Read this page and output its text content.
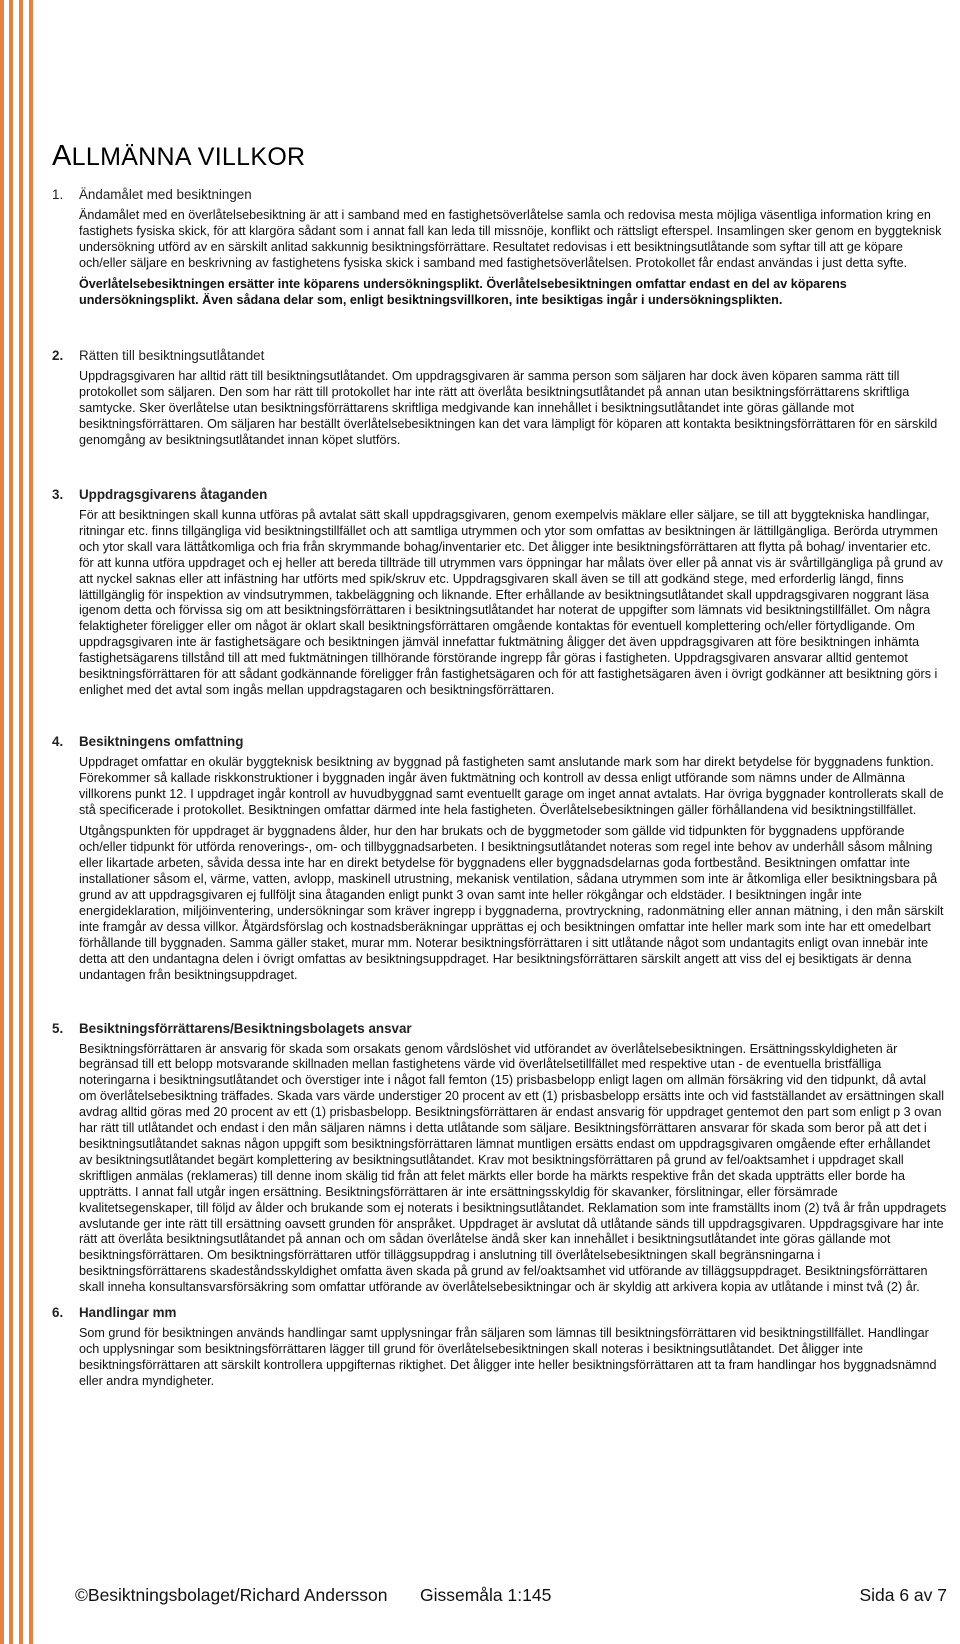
ALLMÄNNA VILLKOR
1.	Ändamålet med besiktningen

Ändamålet med en överlåtelsebesiktning är att i samband med en fastighetsöverlåtelse samla och redovisa mesta möjliga väsentliga information kring en fastighets fysiska skick, för att klargöra sådant som i annat fall kan leda till missnöje, konflikt och rättsligt efterspel. Insamlingen sker genom en byggteknisk undersökning utförd av en särskilt anlitad sakkunnig besiktningsförrättare. Resultatet redovisas i ett besiktningsutlåtande som syftar till att ge köpare och/eller säljare en beskrivning av fastighetens fysiska skick i samband med fastighetsöverlåtelsen. Protokollet får endast användas i just detta syfte.

Överlåtelsebesiktningen ersätter inte köparens undersökningsplikt. Överlåtelsebesiktningen omfattar endast en del av köparens undersökningsplikt. Även sådana delar som, enligt besiktningsvillkoren, inte besiktigas ingår i undersökningsplikten.

2.	Rätten till besiktningsutlåtandet

Uppdragsgivaren har alltid rätt till besiktningsutlåtandet. Om uppdragsgivaren är samma person som säljaren har dock även köparen samma rätt till protokollet som säljaren. Den som har rätt till protokollet har inte rätt att överlåta besiktningsutlåtandet på annan utan besiktningsförrättarens skriftliga samtycke. Sker överlåtelse utan besiktningsförrättarens skriftliga medgivande kan innehållet i besiktningsutlåtandet inte göras gällande mot besiktningsförrättaren. Om säljaren har beställt överlåtelsebesiktningen kan det vara lämpligt för köparen att kontakta besiktningsförrättaren för en särskild genomgång av besiktningsutlåtandet innan köpet slutförs.

3.	Uppdragsgivarens åtaganden

För att besiktningen skall kunna utföras på avtalat sätt skall uppdragsgivaren, genom exempelvis mäklare eller säljare, se till att byggtekniska handlingar, ritningar etc. finns tillgängliga vid besiktningstillfället och att samtliga utrymmen och ytor som omfattas av besiktningen är lättillgängliga. Berörda utrymmen och ytor skall vara lättåtkomliga och fria från skrymmande bohag/inventarier etc. Det åligger inte besiktningsförrättaren att flytta på bohag/ inventarier etc. för att kunna utföra uppdraget och ej heller att bereda tillträde till utrymmen vars öppningar har målats över eller på annat vis är svårtillgängliga på grund av att nyckel saknas eller att infästning har utförts med spik/skruv etc. Uppdragsgivaren skall även se till att godkänd stege, med erforderlig längd, finns lättillgänglig för inspektion av vindsutrymmen, takbeläggning och liknande. Efter erhållande av besiktningsutlåtandet skall uppdragsgivaren noggrant läsa igenom detta och förvissa sig om att besiktningsförrättaren i besiktningsutlåtandet har noterat de uppgifter som lämnats vid besiktningstillfället. Om några felaktigheter föreligger eller om något är oklart skall besiktningsförrättaren omgående kontaktas för eventuell komplettering och/eller förtydligande. Om uppdragsgivaren inte är fastighetsägare och besiktningen jämväl innefattar fuktmätning åligger det även uppdragsgivaren att före besiktningen inhämta fastighetsägarens tillstånd till att med fuktmätningen tillhörande förstörande ingrepp får göras i fastigheten. Uppdragsgivaren ansvarar alltid gentemot besiktningsförrättaren för att sådant godkännande föreligger från fastighetsägaren och för att fastighetsägaren även i övrigt godkänner att besiktning görs i enlighet med det avtal som ingås mellan uppdragstagaren och besiktningsförrättaren.

4.	Besiktningens omfattning

Uppdraget omfattar en okulär byggteknisk besiktning av byggnad på fastigheten samt anslutande mark som har direkt betydelse för byggnadens funktion. Förekommer så kallade riskkonstruktioner i byggnaden ingår även fuktmätning och kontroll av dessa enligt utförande som nämns under de Allmänna villkorens punkt 12. I uppdraget ingår kontroll av huvudbyggnad samt eventuellt garage om inget annat avtalats. Har övriga byggnader kontrollerats skall de stå specificerade i protokollet. Besiktningen omfattar därmed inte hela fastigheten. Överlåtelsebesiktningen gäller förhållandena vid besiktningstillfället.

Utgångspunkten för uppdraget är byggnadens ålder, hur den har brukats och de byggmetoder som gällde vid tidpunkten för byggnadens uppförande och/eller tidpunkt för utförda renoverings-, om- och tillbyggnadsarbeten. I besiktningsutlåtandet noteras som regel inte behov av underhåll såsom målning eller likartade arbeten, såvida dessa inte har en direkt betydelse för byggnadens eller byggnadsdelarnas goda fortbestånd. Besiktningen omfattar inte installationer såsom el, värme, vatten, avlopp, maskinell utrustning, mekanisk ventilation, sådana utrymmen som inte är åtkomliga eller besiktningsbara på grund av att uppdragsgivaren ej fullföljt sina åtaganden enligt punkt 3 ovan samt inte heller rökgångar och eldstäder. I besiktningen ingår inte energideklaration, miljöinventering, undersökningar som kräver ingrepp i byggnaderna, provtryckning, radonmätning eller annan mätning, i den mån särskilt inte framgår av dessa villkor. Åtgärdsförslag och kostnadsberäkningar upprättas ej och besiktningen omfattar inte heller mark som inte har ett omedelbart förhållande till byggnaden. Samma gäller staket, murar mm. Noterar besiktningsförrättaren i sitt utlåtande något som undantagits enligt ovan innebär inte detta att den undantagna delen i övrigt omfattas av besiktningsuppdraget. Har besiktningsförrättaren särskilt angett att viss del ej besiktigats är denna undantagen från besiktningsuppdraget.

5.	Besiktningsförrättarens/Besiktningsbolagets ansvar

Besiktningsförrättaren är ansvarig för skada som orsakats genom vårdslöshet vid utförandet av överlåtelsebesiktningen. Ersättningsskyldigheten är begränsad till ett belopp motsvarande skillnaden mellan fastighetens värde vid överlåtelsetillfället med respektive utan - de eventuella bristfälliga noteringarna i besiktningsutlåtandet och överstiger inte i något fall femton (15) prisbasbelopp enligt lagen om allmän försäkring vid den tidpunkt, då avtal om överlåtelsebesiktning träffades. Skada vars värde understiger 20 procent av ett (1) prisbasbelopp ersätts inte och vid fastställandet av ersättningen skall avdrag alltid göras med 20 procent av ett (1) prisbasbelopp. Besiktningsförrättaren är endast ansvarig för uppdraget gentemot den part som enligt p 3 ovan har rätt till utlåtandet och endast i den mån säljaren nämns i detta utlåtande som säljare. Besiktningsförrättaren ansvarar för skada som beror på att det i besiktningsutlåtandet saknas någon uppgift som besiktningsförrättaren lämnat muntligen ersätts endast om uppdragsgivaren omgående efter erhållandet av besiktningsutlåtandet begärt komplettering av besiktningsutlåtandet. Krav mot besiktningsförrättaren på grund av fel/oaktsamhet i uppdraget skall skriftligen anmälas (reklameras) till denne inom skälig tid från att felet märkts eller borde ha märkts respektive från det skada uppträtts eller borde ha uppträtts. I annat fall utgår ingen ersättning. Besiktningsförrättaren är inte ersättningsskyldig för skavanker, förslitningar, eller försämrade kvalitetsegenskaper, till följd av ålder och brukande som ej noterats i besiktningsutlåtandet. Reklamation som inte framställts inom (2) två år från uppdragets avslutande ger inte rätt till ersättning oavsett grunden för anspråket. Uppdraget är avslutat då utlåtande sänds till uppdragsgivaren. Uppdragsgivare har inte rätt att överlåta besiktningsutlåtandet på annan och om sådan överlåtelse ändå sker kan innehållet i besiktningsutlåtandet inte göras gällande mot besiktningsförrättaren. Om besiktningsförrättaren utför tilläggsuppdrag i anslutning till överlåtelsebesiktningen skall begränsningarna i besiktningsförrättarens skadeståndsskyldighet omfatta även skada på grund av fel/oaktsamhet vid utförande av tilläggsuppdraget. Besiktningsförrättaren skall inneha konsultansvarsförsäkring som omfattar utförande av överlåtelsebesiktningar och är skyldig att arkivera kopia av utlåtande i minst två (2) år.

6.	Handlingar mm

Som grund för besiktningen används handlingar samt upplysningar från säljaren som lämnas till besiktningsförrättaren vid besiktningstillfället. Handlingar och upplysningar som besiktningsförrättaren lägger till grund för överlåtelsebesiktningen skall noteras i besiktningsutlåtandet. Det åligger inte besiktningsförrättaren att särskilt kontrollera uppgifternas riktighet. Det åligger inte heller besiktningsförrättaren att ta fram handlingar hos byggnadsnämnd eller andra myndigheter.

©Besiktningsbolaget/Richard Andersson	Gissemåla 1:145	Sida 6 av 7
